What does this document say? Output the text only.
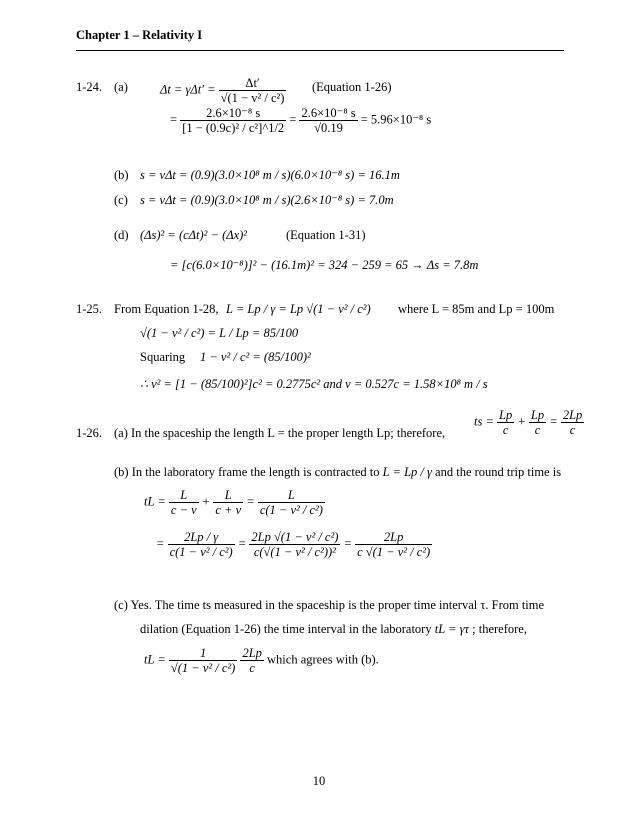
Chapter 1 – Relativity I
1-24. (a)	$\Delta t = \gamma\Delta t' = \frac{\Delta t'}{\text{√(1 − v² / c²)}}$ (Equation 1-26)
= $\frac{\text{2.6×10⁻⁸ s}}{\text{[1 − (0.9c)² / c²]\textasciicircum{}1/2}} = \frac{\text{2.6×10⁻⁸ s}}{√0.19} = 5.96\times 10^{-8}$ s
(b) s = vΔt = (0.9)(3.0×10⁸ m / s)(6.0×10⁻⁸ s) = 16.1m
(c) s = vΔt = (0.9)(3.0×10⁸ m / s)(2.6×10⁻⁸ s) = 7.0m
(d) (Δs)² = (cΔt)² − (Δx)²	(Equation 1-31)
= [c(6.0×10⁻⁸)]² − (16.1m)² = 324 − 259 = 65 → Δs = 7.8m
1-25. From Equation 1-28, L = Lp / γ = Lp √(1 − v² / c²) where L = 85m and Lp = 100m
√(1 − v² / c²) = L / Lp = 85/100
Squaring 1 − v² / c² = (85/100)²
∴ v² = [1 − (85/100)²]c² = 0.2775c² and v = 0.527c = 1.58×10⁸ m / s
1-26. (a) In the spaceship the length L = the proper length Lp; therefore,
ts = $\frac{Lp}{c} + \frac{Lp}{c} = \frac{2Lp}{c}$
(b) In the laboratory frame the length is contracted to L = Lp / γ and the round trip time is
tL = $\frac{L}{c - v} + \frac{L}{c + v} = \frac{L}{\text{c(1 − v² / c²)}}$
= $\frac{2Lp / \gamma}{\text{c(1 − v² / c²)}} = \frac{\text{2Lp √(1 − v² / c²)}}{\text{c(√(1 − v² / c²))²}} = \frac{2Lp}{\text{c √(1 − v² / c²)}}$
(c) Yes. The time ts measured in the spaceship is the proper time interval τ. From time
dilation (Equation 1-26) the time interval in the laboratory tL = γτ ; therefore,
tL = $\frac{1}{\text{√(1 − v² / c²)}}$
$\frac{2Lp}{c}$ which agrees with (b).
10
